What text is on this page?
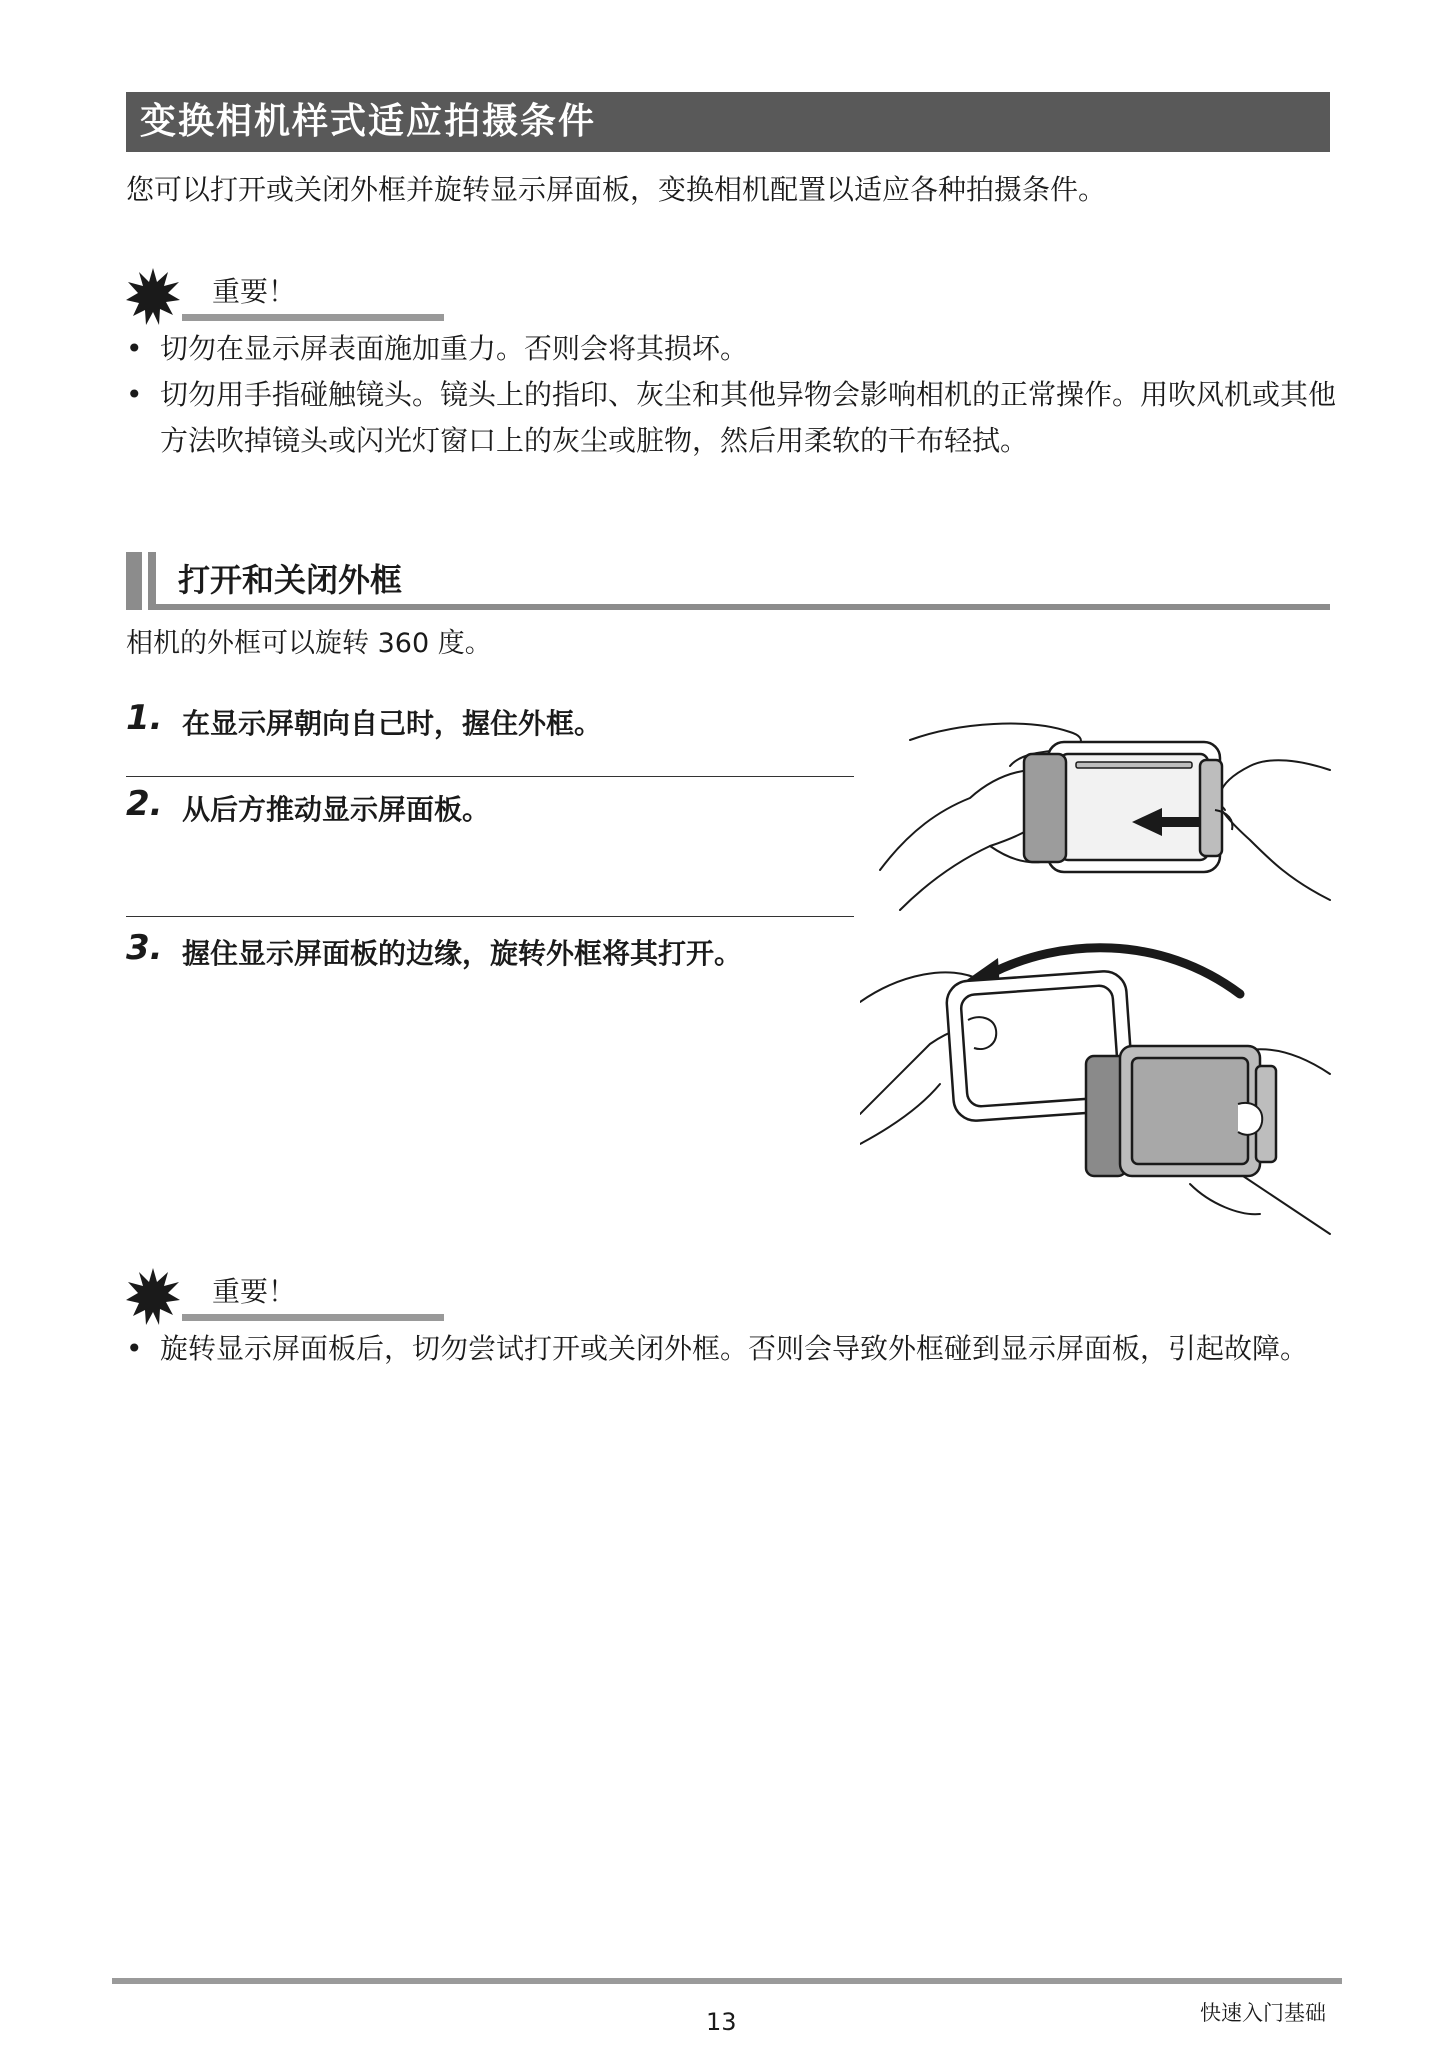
变换相机样式适应拍摄条件
您可以打开或关闭外框并旋转显示屏面板，变换相机配置以适应各种拍摄条件。
重要！
• 切勿在显示屏表面施加重力。否则会将其损坏。
• 切勿用手指碰触镜头。镜头上的指印、灰尘和其他异物会影响相机的正常操作。用吹风机或其他方法吹掉镜头或闪光灯窗口上的灰尘或脏物，然后用柔软的干布轻拭。
打开和关闭外框
相机的外框可以旋转 360 度。
1. 在显示屏朝向自己时，握住外框。
2. 从后方推动显示屏面板。
3. 握住显示屏面板的边缘，旋转外框将其打开。
重要！
• 旋转显示屏面板后，切勿尝试打开或关闭外框。否则会导致外框碰到显示屏面板，引起故障。
13	快速入门基础
